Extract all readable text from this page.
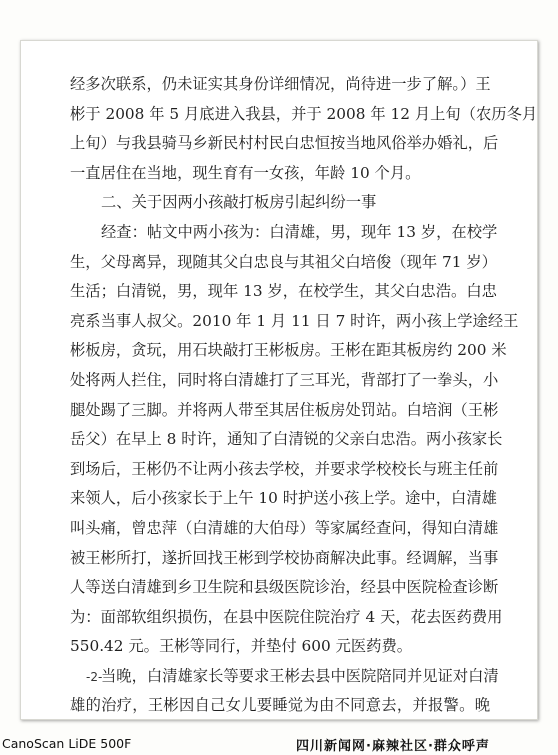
经多次联系，仍未证实其身份详细情况，尚待进一步了解。）王
彬于 2008 年 5 月底进入我县，并于 2008 年 12 月上旬（农历冬月
上旬）与我县骑马乡新民村村民白忠恒按当地风俗举办婚礼，后
一直居住在当地，现生育有一女孩，年龄 10 个月。
二、关于因两小孩敲打板房引起纠纷一事
经查：帖文中两小孩为：白清雄，男，现年 13 岁，在校学
生，父母离异，现随其父白忠良与其祖父白培俊（现年 71 岁）
生活；白清锐，男，现年 13 岁，在校学生，其父白忠浩。白忠
亮系当事人叔父。2010 年 1 月 11 日 7 时许，两小孩上学途经王
彬板房，贪玩，用石块敲打王彬板房。王彬在距其板房约 200 米
处将两人拦住，同时将白清雄打了三耳光，背部打了一拳头，小
腿处踢了三脚。并将两人带至其居住板房处罚站。白培润（王彬
岳父）在早上 8 时许，通知了白清锐的父亲白忠浩。两小孩家长
到场后，王彬仍不让两小孩去学校，并要求学校校长与班主任前
来领人，后小孩家长于上午 10 时护送小孩上学。途中，白清雄
叫头痛，曾忠萍（白清雄的大伯母）等家属经查问，得知白清雄
被王彬所打，遂折回找王彬到学校协商解决此事。经调解，当事
人等送白清雄到乡卫生院和县级医院诊治，经县中医院检查诊断
为：面部软组织损伤，在县中医院住院治疗 4 天，花去医药费用
550.42 元。王彬等同行，并垫付 600 元医药费。
当晚，白清雄家长等要求王彬去县中医院陪同并见证对白清
雄的治疗，王彬因自己女儿要睡觉为由不同意去，并报警。晚
-2-
CanoScan LiDE 500F	四川新闻网·麻辣社区·群众呼声
